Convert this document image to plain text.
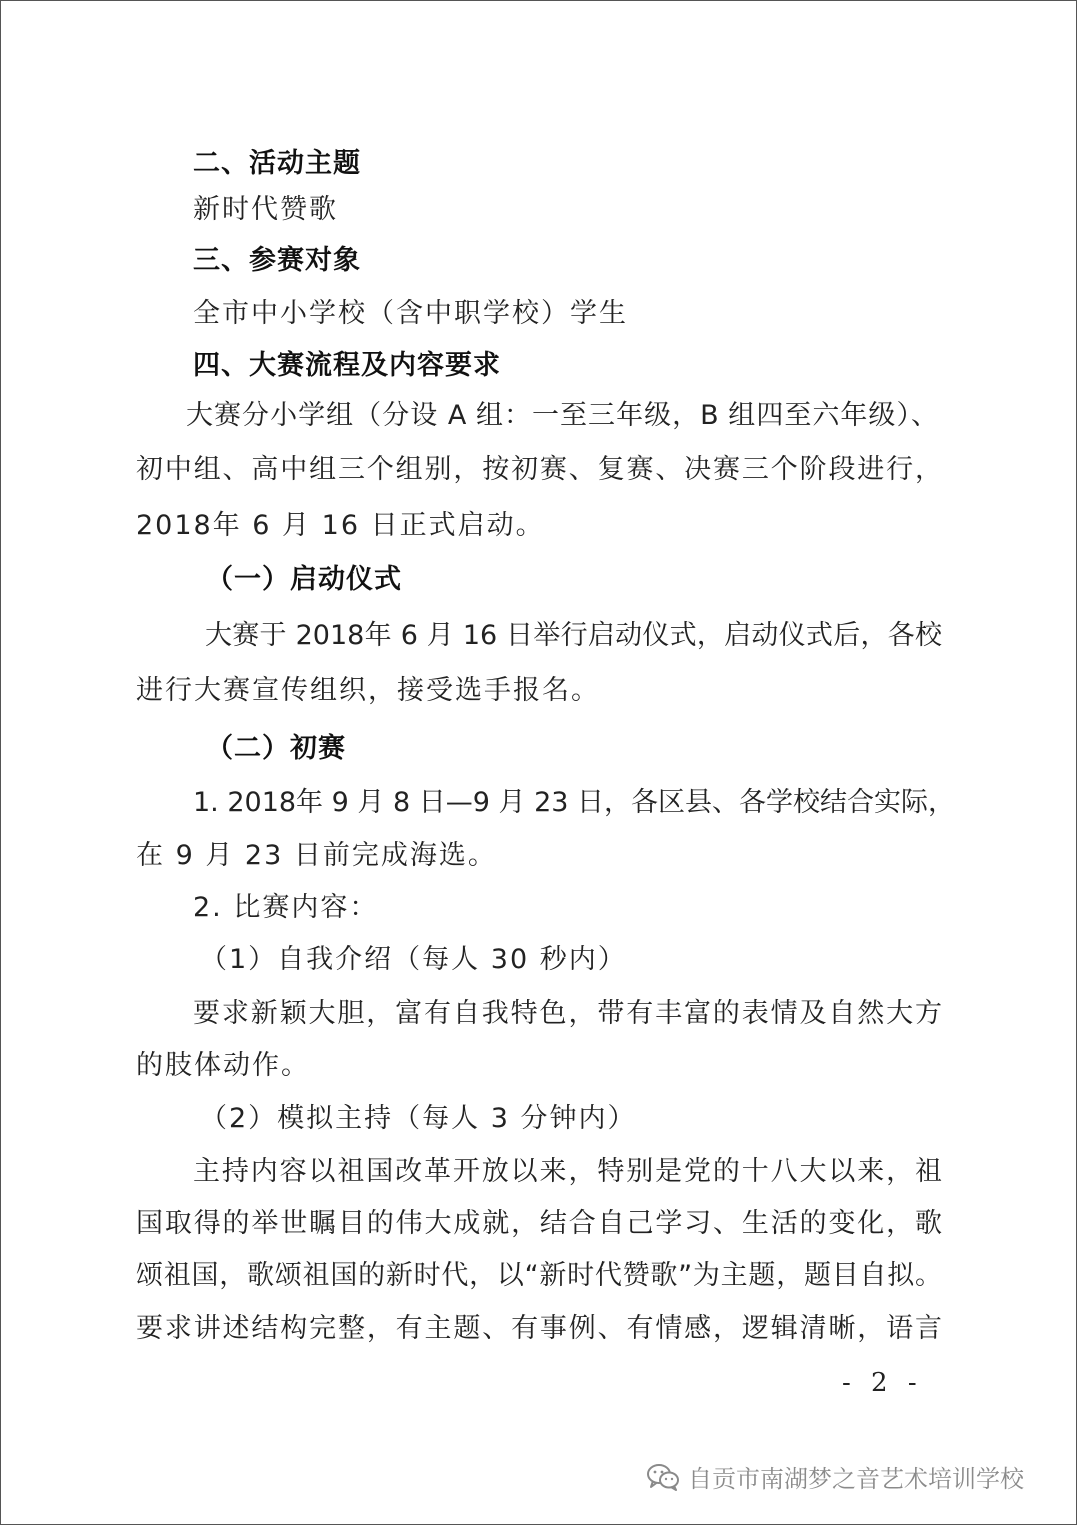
二、活动主题
新时代赞歌
三、参赛对象
全市中小学校（含中职学校）学生
四、大赛流程及内容要求
大赛分小学组（分设 A 组：一至三年级，B 组四至六年级）、
初中组、高中组三个组别，按初赛、复赛、决赛三个阶段进行，
2018年 6 月 16 日正式启动。
（一）启动仪式
大赛于 2018年 6 月 16 日举行启动仪式，启动仪式后，各校
进行大赛宣传组织，接受选手报名。
（二）初赛
1. 2018年 9 月 8 日—9 月 23 日，各区县、各学校结合实际，
在 9 月 23 日前完成海选。
2. 比赛内容：
（1）自我介绍（每人 30 秒内）
要求新颖大胆，富有自我特色，带有丰富的表情及自然大方
的肢体动作。
（2）模拟主持（每人 3 分钟内）
主持内容以祖国改革开放以来，特别是党的十八大以来，祖
国取得的举世瞩目的伟大成就，结合自己学习、生活的变化，歌
颂祖国，歌颂祖国的新时代，以“新时代赞歌”为主题，题目自拟。
要求讲述结构完整，有主题、有事例、有情感，逻辑清晰，语言
- 2 -
自贡市南湖梦之音艺术培训学校
